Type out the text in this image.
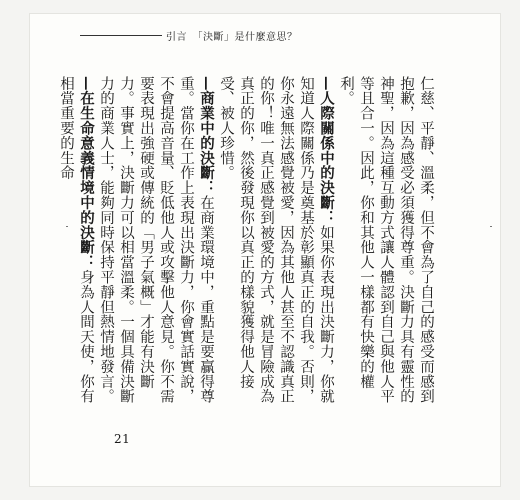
引言　「決斷」是什麼意思？

仁慈、平靜、溫柔，但不會為了自己的感受而感到抱歉，因為感受必須獲得尊重。決斷力具有靈性的神聖，因為這種互動方式讓人體認到自己與他人平等且合一。因此，你和其他人一樣都有快樂的權利。

—人際關係中的決斷：如果你表現出決斷力，你就知道人際關係乃是奠基於彰顯真正的自我。否則，你永遠無法感覺被愛，因為其他人甚至不認識真正的你！唯一真正感覺到被愛的方式，就是冒險成為真正的你，然後發現你以真正的樣貌獲得他人接受、被人珍惜。

—商業中的決斷：在商業環境中，重點是要贏得尊重。當你在工作上表現出決斷力，你會實話實說，不會提高音量、貶低他人或攻擊他人意見。你不需要表現出強硬或傳統的「男子氣概」才能有決斷力。事實上，決斷力可以相當溫柔。一個具備決斷力的商業人士，能夠同時保持平靜但熱情地發言。

—在生命意義情境中的決斷：身為人間天使，你有相當重要的生命

21
